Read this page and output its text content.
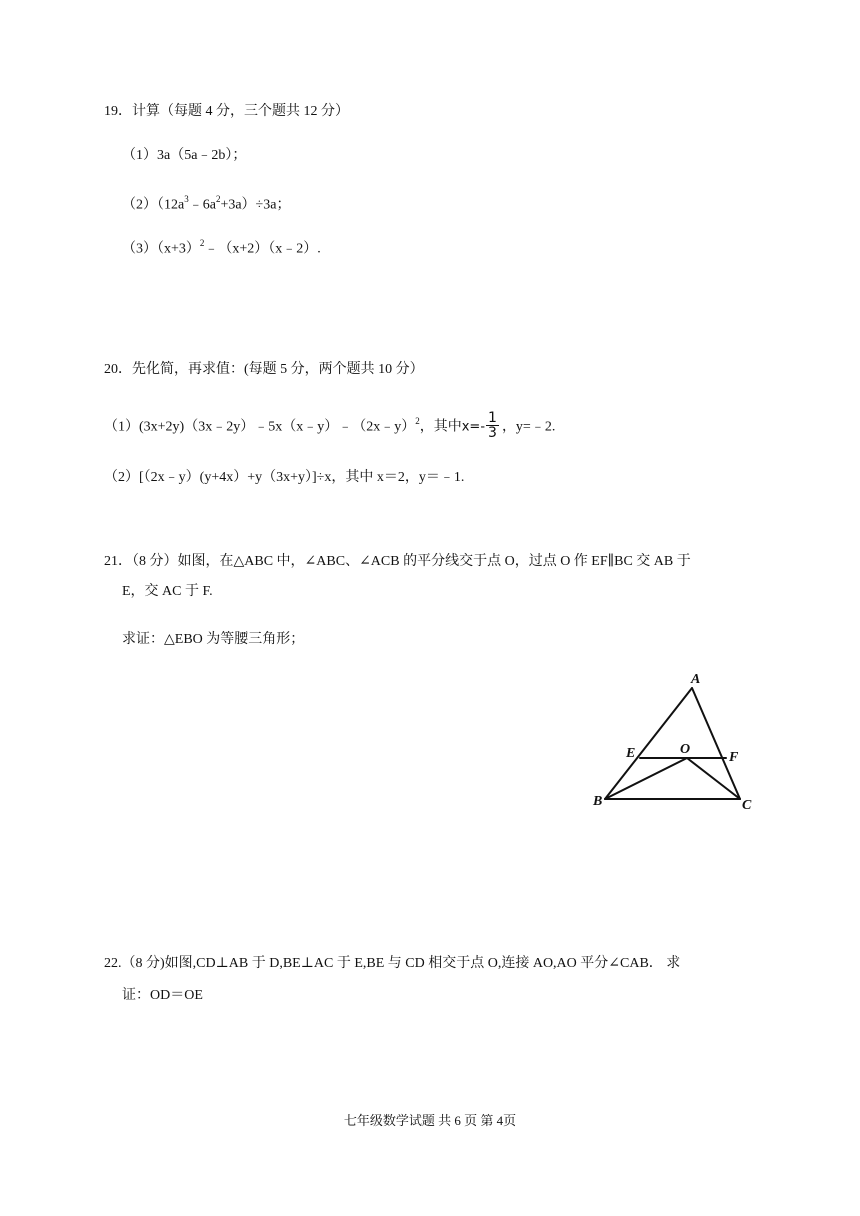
19．计算（每题 4 分，三个题共 12 分）
（1）3a（5a﹣2b）；
$(2)(12a^3﹣6a^2+3a)\div 3a$；
$(3)(x+3)^2﹣(x+2)(x﹣2)$.
20．先化简，再求值：(每题 5 分，两个题共 10 分）
（1）(3x+2y)（3x﹣2y）﹣5x（x﹣y）﹣（2x﹣y）$^2$，其中$x=- \frac{1}{3}$ ，y=﹣2.
（2）[（2x﹣y）(y+4x）+y（3x+y）]÷x，其中 x＝2，y＝﹣1.
21．（8 分）如图，在△ABC 中，∠ABC、∠ACB 的平分线交于点 O，过点 O 作 EF∥BC 交 AB 于
E，交 AC 于 F.
求证：△EBO 为等腰三角形；
A
B	C
E	O
F
22.（8 分)如图,CD⊥AB 于 D,BE⊥AC 于 E,BE 与 CD 相交于点 O,连接 AO,AO 平分∠CAB． 求
证：OD＝OE
七年级数学试题 共 6 页 第 4页
